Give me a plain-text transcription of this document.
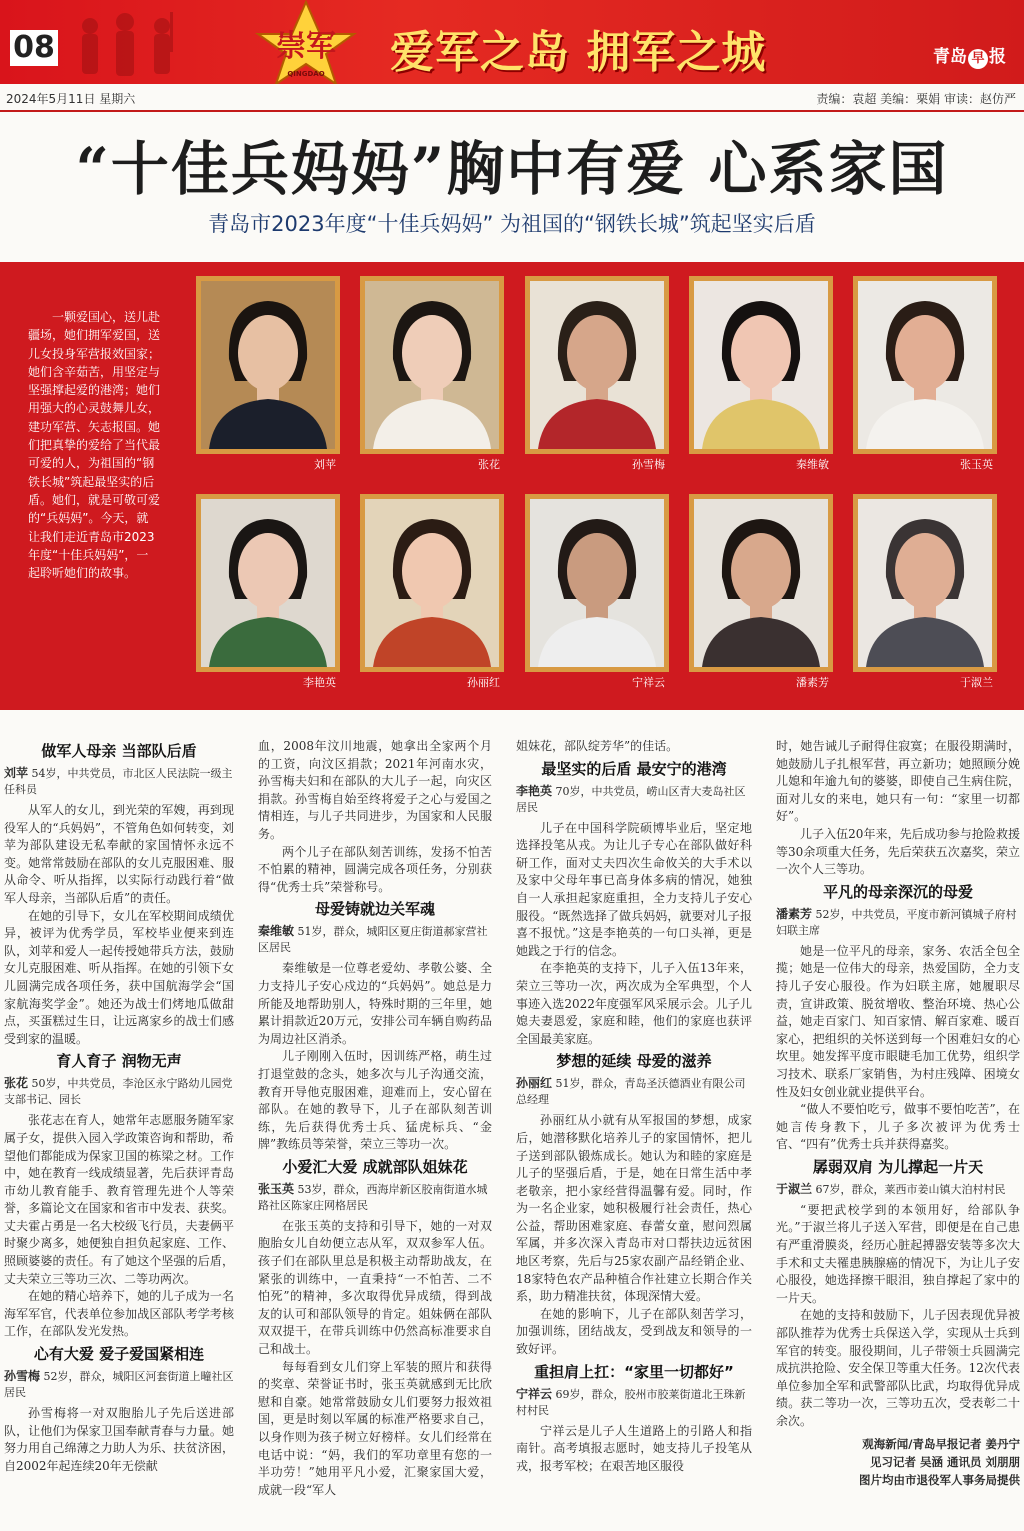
08	崇军
QINGDAO 爱军之岛 拥军之城	青岛 早 报
2024年5月11日 星期六	责编：袁超 美编：栗娟 审读：赵仿严
“十佳兵妈妈”胸中有爱 心系家国
青岛市2023年度“十佳兵妈妈” 为祖国的“钢铁长城”筑起坚实后盾
一颗爱国心，送儿赴疆场，她们拥军爱国，送儿女投身军营报效国家；她们含辛茹苦，用坚定与坚强撑起爱的港湾；她们用强大的心灵鼓舞儿女，建功军营、矢志报国。她们把真挚的爱给了当代最可爱的人，为祖国的“钢铁长城”筑起最坚实的后盾。她们，就是可敬可爱的“兵妈妈”。今天，就让我们走近青岛市2023年度“十佳兵妈妈”，一起聆听她们的故事。
刘苹	张花	孙雪梅	秦维敏	张玉英
李艳英	孙丽红	宁祥云	潘素芳	于淑兰
做军人母亲 当部队后盾
刘苹 54岁，中共党员，市北区人民法院一级主任科员

从军人的女儿，到光荣的军嫂，再到现役军人的“兵妈妈”，不管角色如何转变，刘苹为部队建设无私奉献的家国情怀永远不变。她常常鼓励在部队的女儿克服困难、服从命令、听从指挥，以实际行动践行着“做军人母亲，当部队后盾”的责任。

在她的引导下，女儿在军校期间成绩优异，被评为优秀学员，军校毕业便来到连队，刘苹和爱人一起传授她带兵方法，鼓励女儿克服困难、听从指挥。在她的引领下女儿圆满完成各项任务，获中国航海学会“国家航海奖学金”。她还为战士们烤地瓜做甜点，买蛋糕过生日，让远离家乡的战士们感受到家的温暖。

育人育子 润物无声
张花 50岁，中共党员，李沧区永宁路幼儿园党支部书记、园长

张花志在育人，她常年志愿服务随军家属子女，提供入园入学政策咨询和帮助，希望他们都能成为保家卫国的栋梁之材。工作中，她在教育一线成绩显著，先后获评青岛市幼儿教育能手、教育管理先进个人等荣誉，多篇论文在国家和省市中发表、获奖。丈夫霍占勇是一名大校级飞行员，夫妻俩平时聚少离多，她便独自担负起家庭、工作、照顾婆婆的责任。有了她这个坚强的后盾，丈夫荣立三等功三次、二等功两次。

在她的精心培养下，她的儿子成为一名海军军官，代表单位参加战区部队考学考核工作，在部队发光发热。

心有大爱 爱子爱国紧相连
孙雪梅 52岁，群众，城阳区河套街道上疃社区居民

孙雪梅将一对双胞胎儿子先后送进部队，让他们为保家卫国奉献青春与力量。她努力用自己绵薄之力助人为乐、扶贫济困，自2002年起连续20年无偿献

血，2008年汶川地震，她拿出全家两个月的工资，向汶区捐款；2021年河南水灾，孙雪梅夫妇和在部队的大儿子一起，向灾区捐款。孙雪梅自始至终将爱子之心与爱国之情相连，与儿子共同进步，为国家和人民服务。

两个儿子在部队刻苦训练，发扬不怕苦不怕累的精神，圆满完成各项任务，分别获得“优秀士兵”荣誉称号。

母爱铸就边关军魂
秦维敏 51岁，群众，城阳区夏庄街道郝家营社区居民

秦维敏是一位尊老爱幼、孝敬公婆、全力支持儿子安心戍边的“兵妈妈”。她总是力所能及地帮助别人，特殊时期的三年里，她累计捐款近20万元，安排公司车辆自购药品为周边社区消杀。

儿子刚刚入伍时，因训练严格，萌生过打退堂鼓的念头，她多次与儿子沟通交流，教育开导他克服困难，迎难而上，安心留在部队。在她的教导下，儿子在部队刻苦训练，先后获得优秀士兵、猛虎标兵、“金牌”教练员等荣誉，荣立三等功一次。

小爱汇大爱 成就部队姐妹花
张玉英 53岁，群众，西海岸新区胶南街道水城路社区陈家庄网格居民

在张玉英的支持和引导下，她的一对双胞胎女儿自幼便立志从军，双双参军人伍。孩子们在部队里总是积极主动帮助战友，在紧张的训练中，一直秉持“一不怕苦、二不怕死”的精神，多次取得优异成绩，得到战友的认可和部队领导的肯定。姐妹俩在部队双双提干，在带兵训练中仍然高标准要求自己和战士。

每每看到女儿们穿上军装的照片和获得的奖章、荣誉证书时，张玉英就感到无比欣慰和自豪。她常常鼓励女儿们要努力报效祖国，更是时刻以军属的标准严格要求自己，以身作则为孩子树立好榜样。女儿们经常在电话中说：“妈，我们的军功章里有您的一半功劳！”她用平凡小爱，汇聚家国大爱，成就一段“军人

姐妹花，部队绽芳华”的佳话。

最坚实的后盾 最安宁的港湾
李艳英 70岁，中共党员，崂山区青大麦岛社区居民

儿子在中国科学院硕博毕业后，坚定地选择投笔从戎。为让儿子专心在部队做好科研工作，面对丈夫四次生命攸关的大手术以及家中父母年事已高身体多病的情况，她独自一人承担起家庭重担，全力支持儿子安心服役。“既然选择了做兵妈妈，就要对儿子报喜不报忧。”这是李艳英的一句口头禅，更是她践之于行的信念。

在李艳英的支持下，儿子入伍13年来，荣立三等功一次，两次成为全军典型，个人事迹入选2022年度强军风采展示会。儿子儿媳夫妻恩爱，家庭和睦，他们的家庭也获评全国最美家庭。

梦想的延续 母爱的滋养
孙丽红 51岁，群众，青岛圣沃德酒业有限公司总经理

孙丽红从小就有从军报国的梦想，成家后，她潜移默化培养儿子的家国情怀，把儿子送到部队锻炼成长。她认为和睦的家庭是儿子的坚强后盾，于是，她在日常生活中孝老敬亲，把小家经营得温馨有爱。同时，作为一名企业家，她积极履行社会责任，热心公益，帮助困难家庭、春蕾女童，慰问烈属军属，并多次深入青岛市对口帮扶边远贫困地区考察，先后与25家农副产品经销企业、18家特色农产品种植合作社建立长期合作关系，助力精准扶贫，体现深情大爱。

在她的影响下，儿子在部队刻苦学习，加强训练，团结战友，受到战友和领导的一致好评。

重担肩上扛：“家里一切都好”
宁祥云 69岁，群众，胶州市胶莱街道北王珠新村村民

宁祥云是儿子人生道路上的引路人和指南针。高考填报志愿时，她支持儿子投笔从戎，报考军校；在艰苦地区服役

时，她告诫儿子耐得住寂寞；在服役期满时，她鼓励儿子扎根军营，再立新功；她照顾分娩儿媳和年逾九旬的婆婆，即使自己生病住院，面对儿女的来电，她只有一句：“家里一切都好”。

儿子入伍20年来，先后成功参与抢险救援等30余项重大任务，先后荣获五次嘉奖，荣立一次个人三等功。

平凡的母亲深沉的母爱
潘素芳 52岁，中共党员，平度市新河镇城子府村妇联主席

她是一位平凡的母亲，家务、农活全包全揽；她是一位伟大的母亲，热爱国防，全力支持儿子安心服役。作为妇联主席，她履职尽责，宣讲政策、脱贫增收、整治环境、热心公益，她走百家门、知百家情、解百家难、暖百家心，把组织的关怀送到每一个困难妇女的心坎里。她发挥平度市眼睫毛加工优势，组织学习技术、联系厂家销售，为村庄残障、困境女性及妇女创业就业提供平台。

“做人不要怕吃亏，做事不要怕吃苦”，在她言传身教下，儿子多次被评为优秀士官、“四有”优秀士兵并获得嘉奖。

孱弱双肩 为儿撑起一片天
于淑兰 67岁，群众，莱西市姜山镇大泊村村民

“要把武校学到的本领用好，给部队争光。”于淑兰将儿子送入军营，即便是在自己患有严重滑膜炎，经历心脏起搏器安装等多次大手术和丈夫罹患胰腺癌的情况下，为让儿子安心服役，她选择擦干眼泪，独自撑起了家中的一片天。

在她的支持和鼓励下，儿子因表现优异被部队推荐为优秀士兵保送入学，实现从士兵到军官的转变。服役期间，儿子带领士兵圆满完成抗洪抢险、安全保卫等重大任务。12次代表单位参加全军和武警部队比武，均取得优异成绩。获二等功一次，三等功五次，受表彰二十余次。

观海新闻/青岛早报记者 姜丹宁
见习记者 吴涵 通讯员 刘朋朋
图片均由市退役军人事务局提供
